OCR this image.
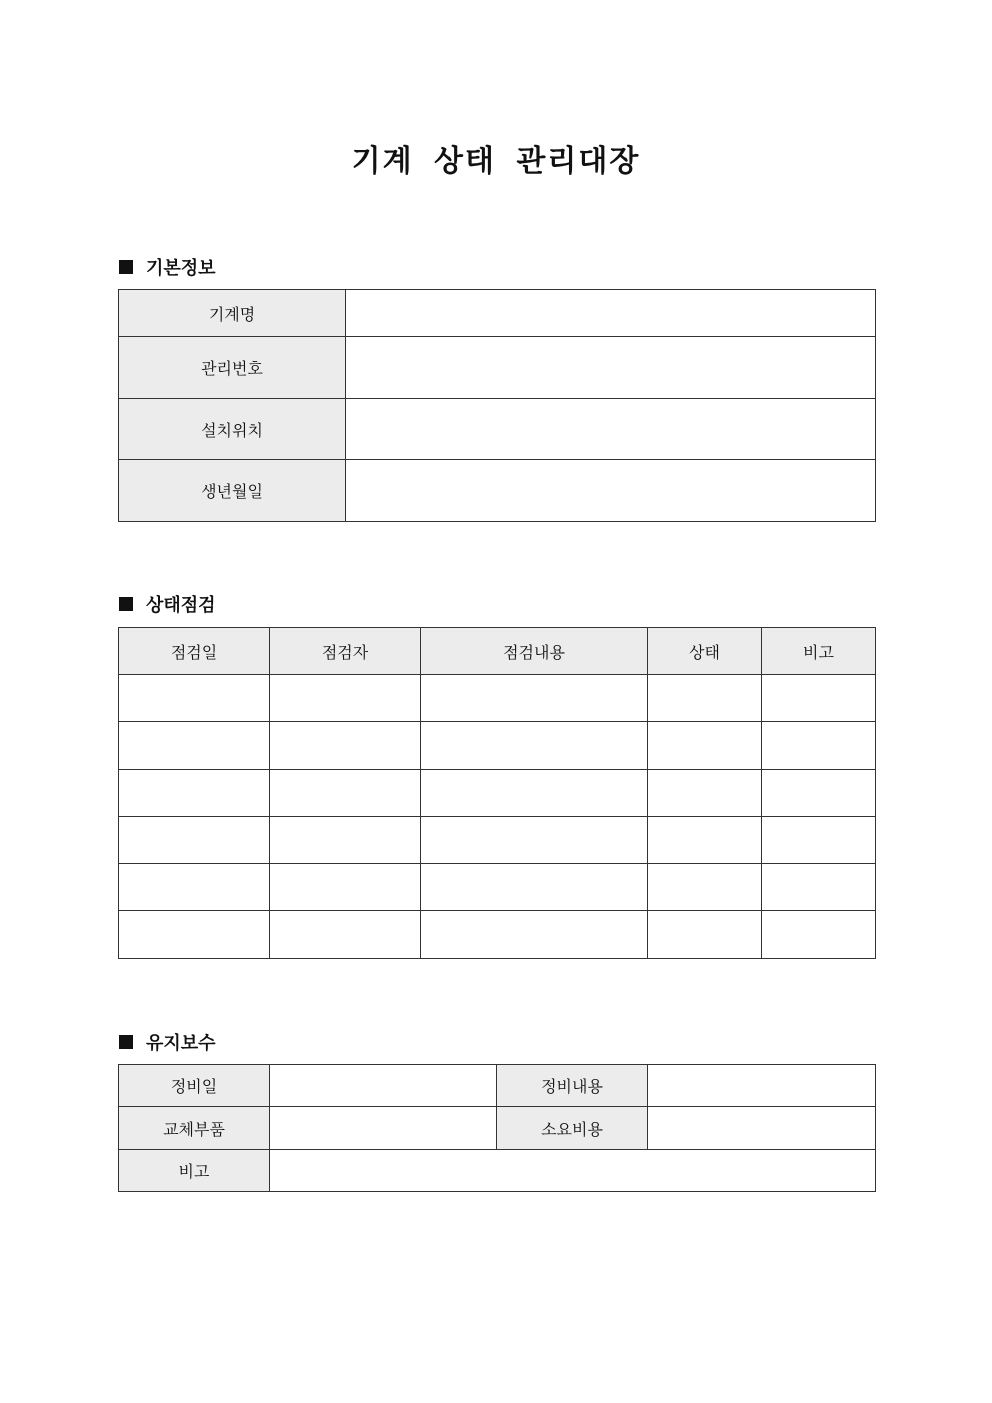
기계 상태 관리대장
기본정보
기계명	
관리번호	
설치위치	
생년월일	
상태점검
점검일	점검자	점검내용	상태	비고

유지보수
정비일		정비내용	
교체부품		소요비용	
비고			
